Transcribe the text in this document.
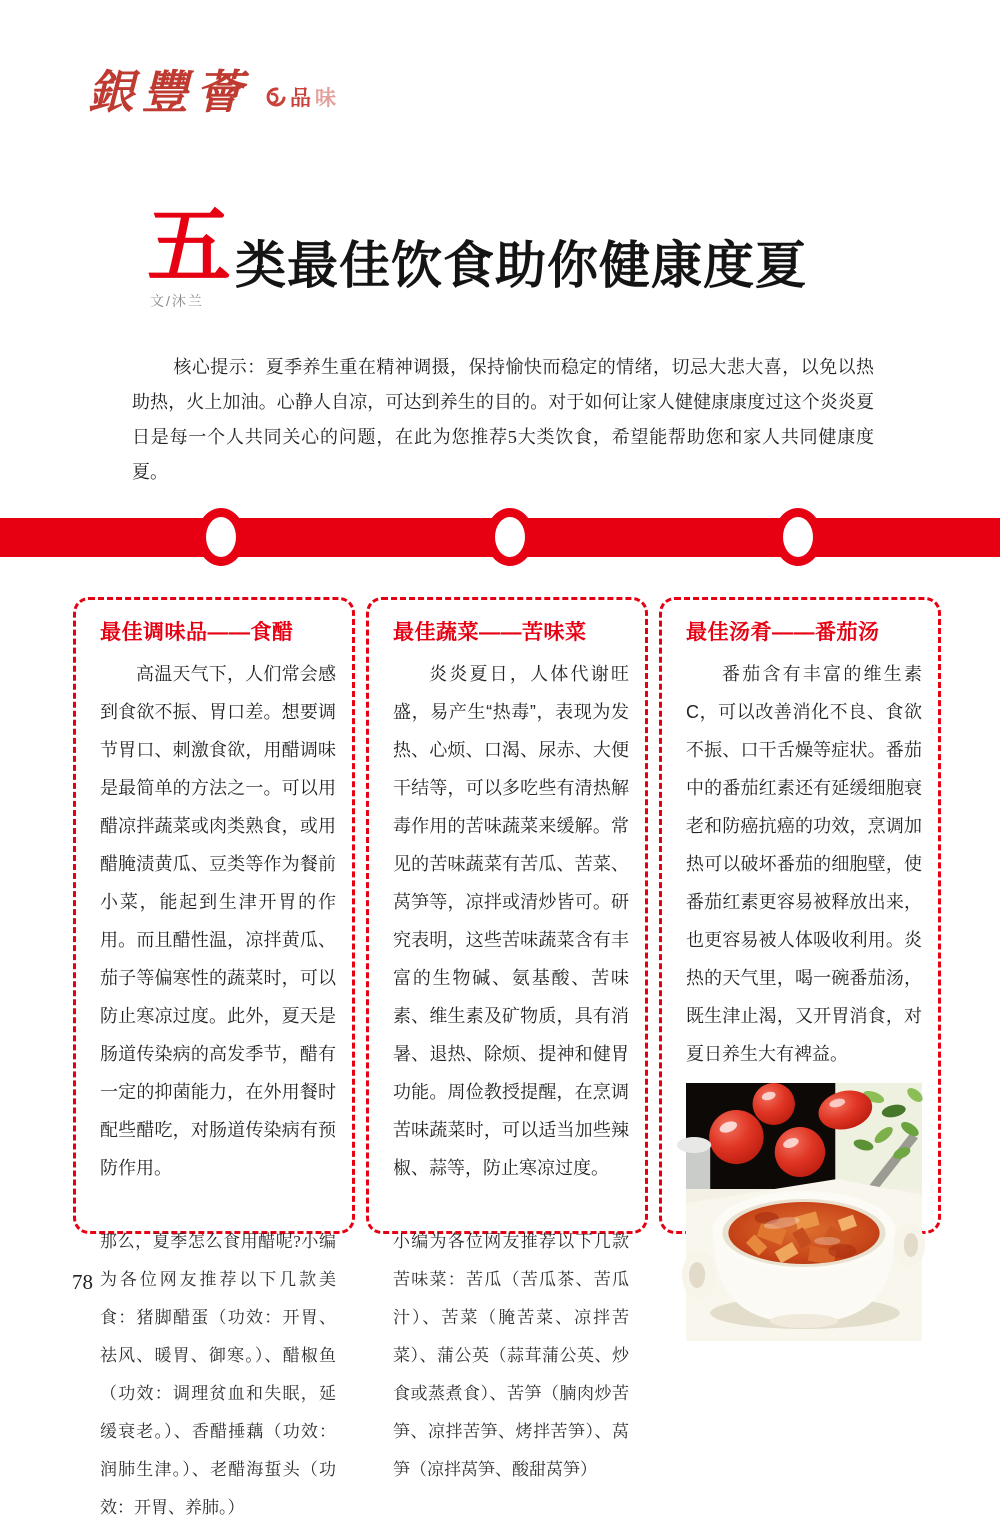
銀豐薈 品 味
五 类最佳饮食助你健康度夏
文/沐兰

核心提示：夏季养生重在精神调摄，保持愉快而稳定的情绪，切忌大悲大喜，以免以热助热，火上加油。心静人自凉，可达到养生的目的。对于如何让家人健健康康度过这个炎炎夏日是每一个人共同关心的问题，在此为您推荐5大类饮食，希望能帮助您和家人共同健康度夏。

最佳调味品——食醋

高温天气下，人们常会感到食欲不振、胃口差。想要调节胃口、刺激食欲，用醋调味是最简单的方法之一。可以用醋凉拌蔬菜或肉类熟食，或用醋腌渍黄瓜、豆类等作为餐前小菜，能起到生津开胃的作用。而且醋性温，凉拌黄瓜、茄子等偏寒性的蔬菜时，可以防止寒凉过度。此外，夏天是肠道传染病的高发季节，醋有一定的抑菌能力，在外用餐时配些醋吃，对肠道传染病有预防作用。

那么，夏季怎么食用醋呢?小编为各位网友推荐以下几款美食：猪脚醋蛋（功效：开胃、祛风、暖胃、御寒。）、醋椒鱼（功效：调理贫血和失眠，延缓衰老。）、香醋捶藕（功效：润肺生津。）、老醋海蜇头（功效：开胃、养肺。）

最佳蔬菜——苦味菜

炎炎夏日，人体代谢旺盛，易产生“热毒”，表现为发热、心烦、口渴、尿赤、大便干结等，可以多吃些有清热解毒作用的苦味蔬菜来缓解。常见的苦味蔬菜有苦瓜、苦菜、莴笋等，凉拌或清炒皆可。研究表明，这些苦味蔬菜含有丰富的生物碱、氨基酸、苦味素、维生素及矿物质，具有消暑、退热、除烦、提神和健胃功能。周俭教授提醒，在烹调苦味蔬菜时，可以适当加些辣椒、蒜等，防止寒凉过度。

小编为各位网友推荐以下几款苦味菜：苦瓜（苦瓜茶、苦瓜汁）、苦菜（腌苦菜、凉拌苦菜）、蒲公英（蒜茸蒲公英、炒食或蒸煮食）、苦笋（腩肉炒苦笋、凉拌苦笋、烤拌苦笋）、莴笋（凉拌莴笋、酸甜莴笋）

最佳汤肴——番茄汤

番茄含有丰富的维生素C，可以改善消化不良、食欲不振、口干舌燥等症状。番茄中的番茄红素还有延缓细胞衰老和防癌抗癌的功效，烹调加热可以破坏番茄的细胞壁，使番茄红素更容易被释放出来，也更容易被人体吸收利用。炎热的天气里，喝一碗番茄汤，既生津止渴，又开胃消食，对夏日养生大有裨益。

78
